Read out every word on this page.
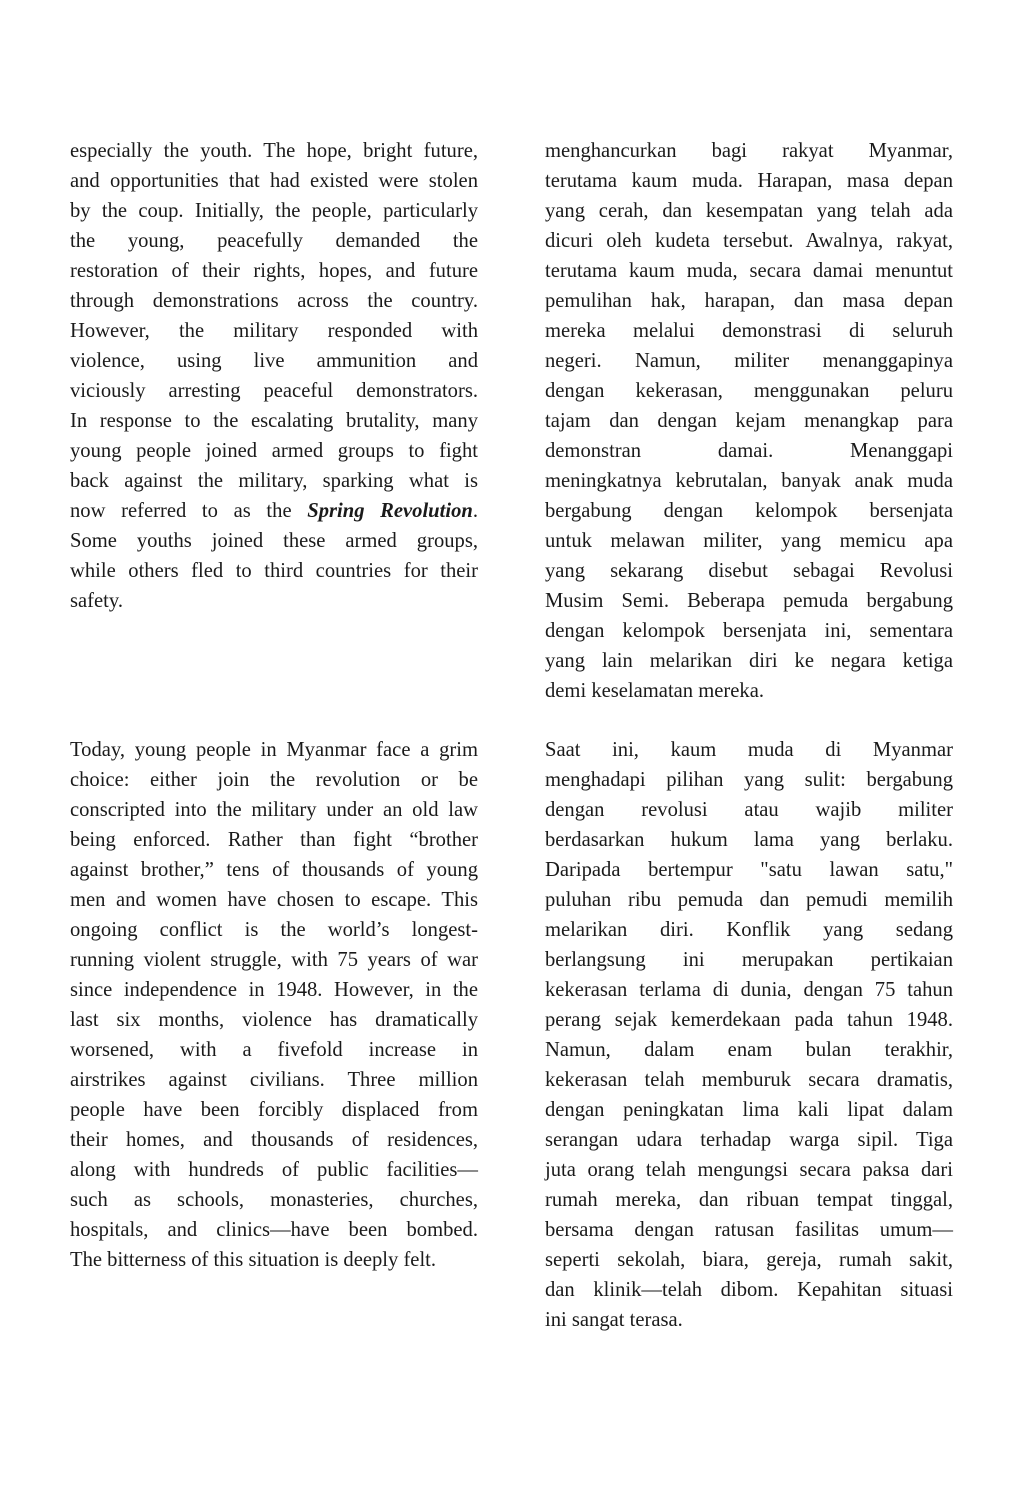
especially the youth. The hope, bright future,
and opportunities that had existed were stolen
by the coup. Initially, the people, particularly
the young, peacefully demanded the
restoration of their rights, hopes, and future
through demonstrations across the country.
However, the military responded with
violence, using live ammunition and
viciously arresting peaceful demonstrators.
In response to the escalating brutality, many
young people joined armed groups to fight
back against the military, sparking what is
now referred to as the Spring Revolution.
Some youths joined these armed groups,
while others fled to third countries for their
safety.
Today, young people in Myanmar face a grim
choice: either join the revolution or be
conscripted into the military under an old law
being enforced. Rather than fight “brother
against brother,” tens of thousands of young
men and women have chosen to escape. This
ongoing conflict is the world’s longest-
running violent struggle, with 75 years of war
since independence in 1948. However, in the
last six months, violence has dramatically
worsened, with a fivefold increase in
airstrikes against civilians. Three million
people have been forcibly displaced from
their homes, and thousands of residences,
along with hundreds of public facilities—
such as schools, monasteries, churches,
hospitals, and clinics—have been bombed.
The bitterness of this situation is deeply felt.
menghancurkan bagi rakyat Myanmar,
terutama kaum muda. Harapan, masa depan
yang cerah, dan kesempatan yang telah ada
dicuri oleh kudeta tersebut. Awalnya, rakyat,
terutama kaum muda, secara damai menuntut
pemulihan hak, harapan, dan masa depan
mereka melalui demonstrasi di seluruh
negeri. Namun, militer menanggapinya
dengan kekerasan, menggunakan peluru
tajam dan dengan kejam menangkap para
demonstran damai. Menanggapi
meningkatnya kebrutalan, banyak anak muda
bergabung dengan kelompok bersenjata
untuk melawan militer, yang memicu apa
yang sekarang disebut sebagai Revolusi
Musim Semi. Beberapa pemuda bergabung
dengan kelompok bersenjata ini, sementara
yang lain melarikan diri ke negara ketiga
demi keselamatan mereka.
Saat ini, kaum muda di Myanmar
menghadapi pilihan yang sulit: bergabung
dengan revolusi atau wajib militer
berdasarkan hukum lama yang berlaku.
Daripada bertempur "satu lawan satu,"
puluhan ribu pemuda dan pemudi memilih
melarikan diri. Konflik yang sedang
berlangsung ini merupakan pertikaian
kekerasan terlama di dunia, dengan 75 tahun
perang sejak kemerdekaan pada tahun 1948.
Namun, dalam enam bulan terakhir,
kekerasan telah memburuk secara dramatis,
dengan peningkatan lima kali lipat dalam
serangan udara terhadap warga sipil. Tiga
juta orang telah mengungsi secara paksa dari
rumah mereka, dan ribuan tempat tinggal,
bersama dengan ratusan fasilitas umum—
seperti sekolah, biara, gereja, rumah sakit,
dan klinik—telah dibom. Kepahitan situasi
ini sangat terasa.
